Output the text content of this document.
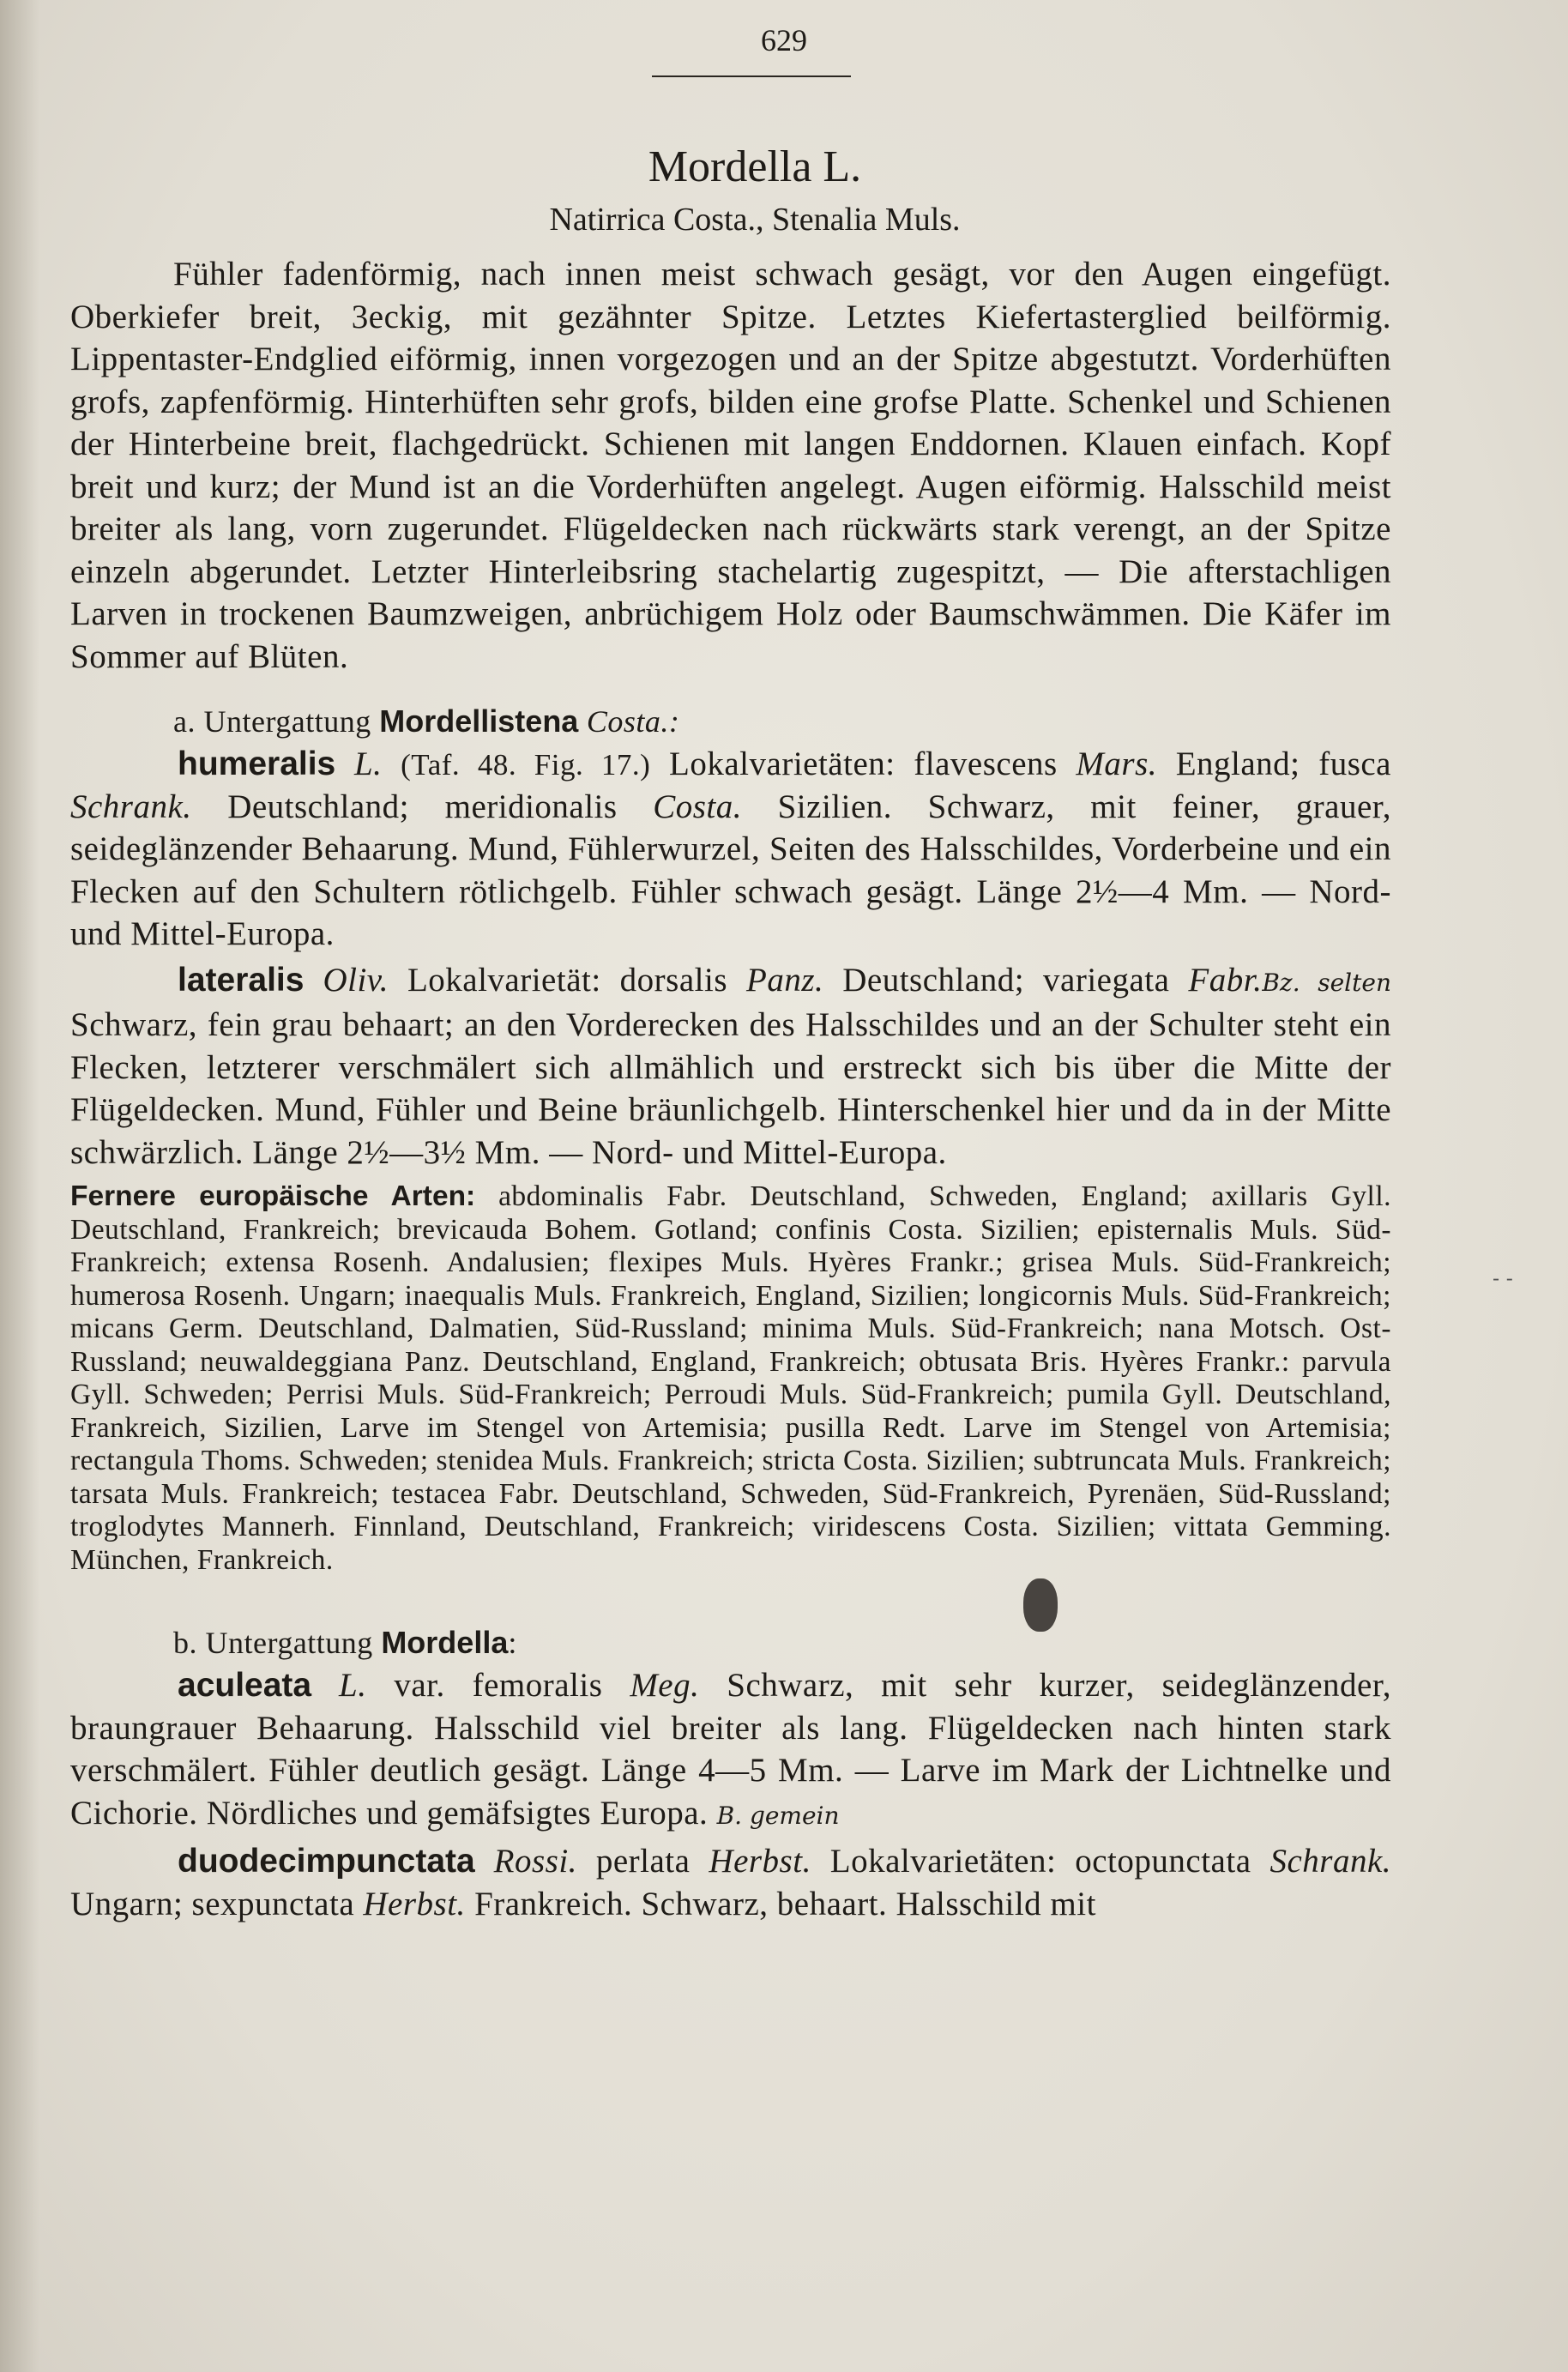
629
Mordella L.
Natirrica Costa., Stenalia Muls.

Fühler fadenförmig, nach innen meist schwach gesägt, vor den Augen eingefügt. Oberkiefer breit, 3eckig, mit gezähnter Spitze. Letztes Kiefertasterglied beilförmig. Lippentaster-Endglied eiförmig, innen vorgezogen und an der Spitze abgestutzt. Vorderhüften grofs, zapfenförmig. Hinterhüften sehr grofs, bilden eine grofse Platte. Schenkel und Schienen der Hinterbeine breit, flachgedrückt. Schienen mit langen Enddornen. Klauen einfach. Kopf breit und kurz; der Mund ist an die Vorderhüften angelegt. Augen eiförmig. Halsschild meist breiter als lang, vorn zugerundet. Flügeldecken nach rückwärts stark verengt, an der Spitze einzeln abgerundet. Letzter Hinterleibsring stachelartig zugespitzt, — Die afterstachligen Larven in trockenen Baumzweigen, anbrüchigem Holz oder Baumschwämmen. Die Käfer im Sommer auf Blüten.

a. Untergattung Mordellistena Costa.:

humeralis L. (Taf. 48. Fig. 17.) Lokalvarietäten: flavescens Mars. England; fusca Schrank. Deutschland; meridionalis Costa. Sizilien. Schwarz, mit feiner, grauer, seideglänzender Behaarung. Mund, Fühlerwurzel, Seiten des Halsschildes, Vorderbeine und ein Flecken auf den Schultern rötlichgelb. Fühler schwach gesägt. Länge 2½—4 Mm. — Nord- und Mittel-Europa.

lateralis Oliv. Lokalvarietät: dorsalis Panz. Deutschland; variegata Fabr.Bz. selten Schwarz, fein grau behaart; an den Vorderecken des Halsschildes und an der Schulter steht ein Flecken, letzterer verschmälert sich allmählich und erstreckt sich bis über die Mitte der Flügeldecken. Mund, Fühler und Beine bräunlichgelb. Hinterschenkel hier und da in der Mitte schwärzlich. Länge 2½—3½ Mm. — Nord- und Mittel-Europa.

Fernere europäische Arten: abdominalis Fabr. Deutschland, Schweden, England; axillaris Gyll. Deutschland, Frankreich; brevicauda Bohem. Gotland; confinis Costa. Sizilien; episternalis Muls. Süd-Frankreich; extensa Rosenh. Andalusien; flexipes Muls. Hyères Frankr.; grisea Muls. Süd-Frankreich; humerosa Rosenh. Ungarn; inaequalis Muls. Frankreich, England, Sizilien; longicornis Muls. Süd-Frankreich; micans Germ. Deutschland, Dalmatien, Süd-Russland; minima Muls. Süd-Frankreich; nana Motsch. Ost-Russland; neuwaldeggiana Panz. Deutschland, England, Frankreich; obtusata Bris. Hyères Frankr.: parvula Gyll. Schweden; Perrisi Muls. Süd-Frankreich; Perroudi Muls. Süd-Frankreich; pumila Gyll. Deutschland, Frankreich, Sizilien, Larve im Stengel von Artemisia; pusilla Redt. Larve im Stengel von Artemisia; rectangula Thoms. Schweden; stenidea Muls. Frankreich; stricta Costa. Sizilien; subtruncata Muls. Frankreich; tarsata Muls. Frankreich; testacea Fabr. Deutschland, Schweden, Süd-Frankreich, Pyrenäen, Süd-Russland; troglodytes Mannerh. Finnland, Deutschland, Frankreich; viridescens Costa. Sizilien; vittata Gemming. München, Frankreich.

b. Untergattung Mordella:

aculeata L. var. femoralis Meg. Schwarz, mit sehr kurzer, seideglänzender, braungrauer Behaarung. Halsschild viel breiter als lang. Flügeldecken nach hinten stark verschmälert. Fühler deutlich gesägt. Länge 4—5 Mm. — Larve im Mark der Lichtnelke und Cichorie. Nördliches und gemäfsigtes Europa. B. gemein

duodecimpunctata Rossi. perlata Herbst. Lokalvarietäten: octopunctata Schrank. Ungarn; sexpunctata Herbst. Frankreich. Schwarz, behaart. Halsschild mit

- -
